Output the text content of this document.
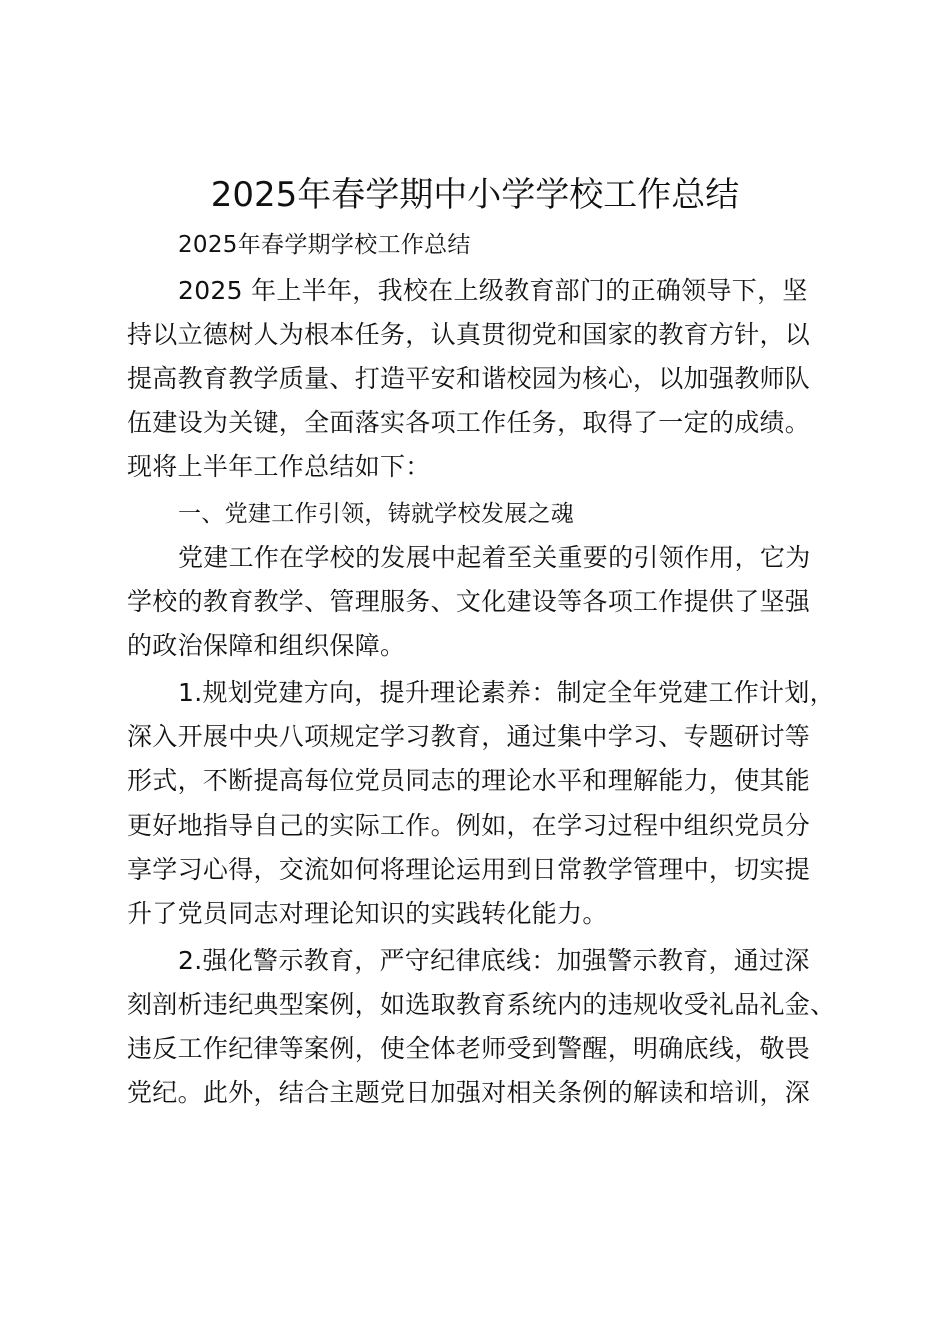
2025年春学期中小学学校工作总结
2025年春学期学校工作总结
2025 年上半年，我校在上级教育部门的正确领导下，坚
持以立德树人为根本任务，认真贯彻党和国家的教育方针，以
提高教育教学质量、打造平安和谐校园为核心，以加强教师队
伍建设为关键，全面落实各项工作任务，取得了一定的成绩。
现将上半年工作总结如下：
一、党建工作引领，铸就学校发展之魂
党建工作在学校的发展中起着至关重要的引领作用，它为
学校的教育教学、管理服务、文化建设等各项工作提供了坚强
的政治保障和组织保障。
1.规划党建方向，提升理论素养：制定全年党建工作计划，
深入开展中央八项规定学习教育，通过集中学习、专题研讨等
形式，不断提高每位党员同志的理论水平和理解能力，使其能
更好地指导自己的实际工作。例如，在学习过程中组织党员分
享学习心得，交流如何将理论运用到日常教学管理中，切实提
升了党员同志对理论知识的实践转化能力。
2.强化警示教育，严守纪律底线：加强警示教育，通过深
刻剖析违纪典型案例，如选取教育系统内的违规收受礼品礼金、
违反工作纪律等案例，使全体老师受到警醒，明确底线，敬畏
党纪。此外，结合主题党日加强对相关条例的解读和培训，深
